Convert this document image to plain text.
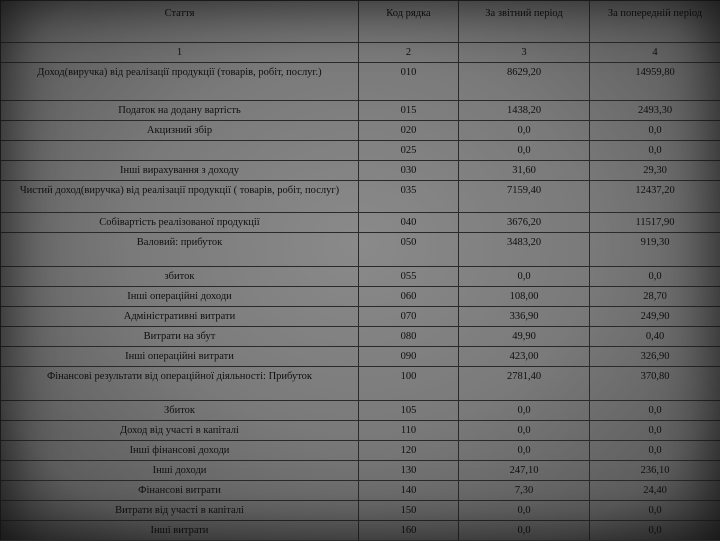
Стаття	Код рядка	За звітний період	За попередній період
1	2	3	4
Доход(виручка) від реалізації продукції (товарів, робіт, послуг.)	010	8629,20	14959,80
Податок на додану вартість	015	1438,20	2493,30
Акцизний збір	020	0,0	0,0
	025	0,0	0,0
Інші вирахування з доходу	030	31,60	29,30
Чистий доход(виручка) від реалізації продукції ( товарів, робіт, послуг)	035	7159,40	12437,20
Собівартість реалізованої продукції	040	3676,20	11517,90
Валовий: прибуток	050	3483,20	919,30
збиток	055	0,0	0,0
Інші операційні доходи	060	108,00	28,70
Адміністративні витрати	070	336,90	249,90
Витрати на збут	080	49,90	0,40
Інші операційні витрати	090	423,00	326,90
Фінансові результати від операційної діяльності: Прибуток	100	2781,40	370,80
Збиток	105	0,0	0,0
Доход від участі в капіталі	110	0,0	0,0
Інші фінансові доходи	120	0,0	0,0
Інші доходи	130	247,10	236,10
Фінансові витрати	140	7,30	24,40
Витрати від участі в капіталі	150	0,0	0,0
Інші витрати	160	0,0	0,0
